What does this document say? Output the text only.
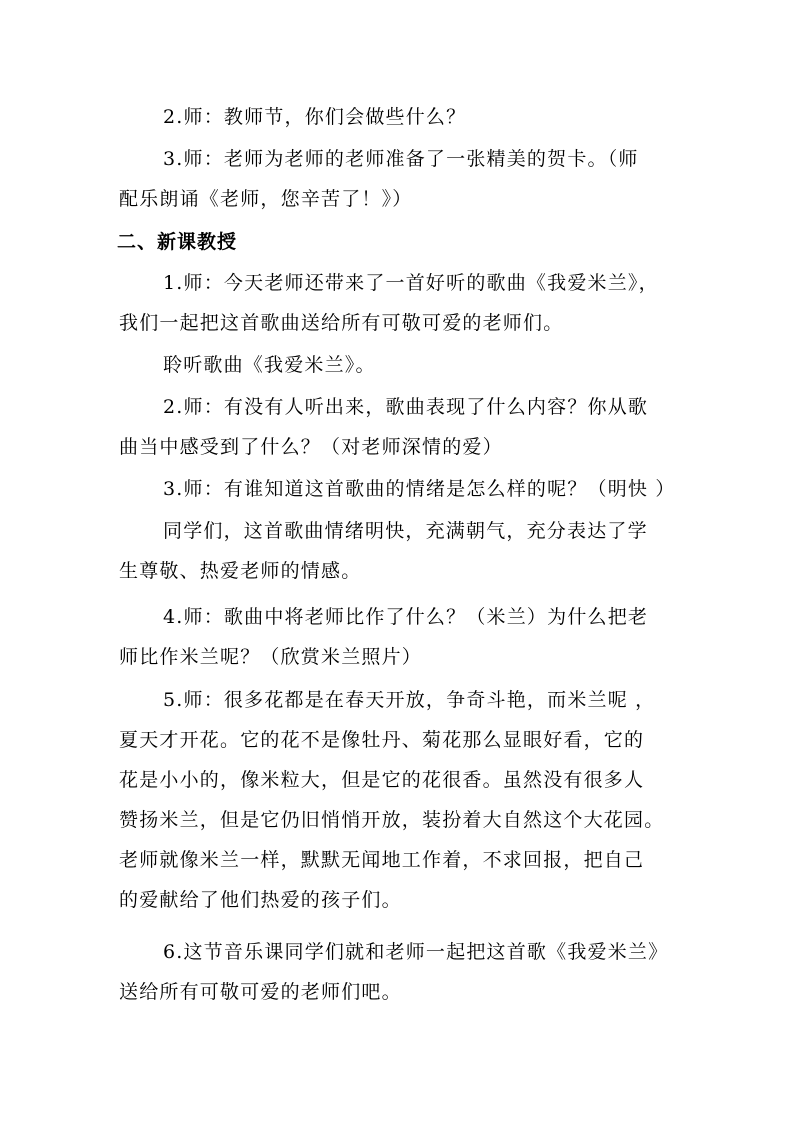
2.师：教师节，你们会做些什么？
3.师：老师为老师的老师准备了一张精美的贺卡。（师
配乐朗诵《老师，您辛苦了！》）
二、新课教授
1.师：今天老师还带来了一首好听的歌曲《我爱米兰》，
我们一起把这首歌曲送给所有可敬可爱的老师们。
聆听歌曲《我爱米兰》。
2.师：有没有人听出来，歌曲表现了什么内容？你从歌
曲当中感受到了什么？（对老师深情的爱）
3.师：有谁知道这首歌曲的情绪是怎么样的呢？（明快 ）
同学们，这首歌曲情绪明快，充满朝气，充分表达了学
生尊敬、热爱老师的情感。
4.师：歌曲中将老师比作了什么？（米兰）为什么把老
师比作米兰呢？（欣赏米兰照片）
5.师：很多花都是在春天开放，争奇斗艳，而米兰呢 ，
夏天才开花。它的花不是像牡丹、菊花那么显眼好看，它的
花是小小的，像米粒大，但是它的花很香。虽然没有很多人
赞扬米兰，但是它仍旧悄悄开放，装扮着大自然这个大花园。
老师就像米兰一样，默默无闻地工作着，不求回报，把自己
的爱献给了他们热爱的孩子们。
6.这节音乐课同学们就和老师一起把这首歌《我爱米兰》
送给所有可敬可爱的老师们吧。
